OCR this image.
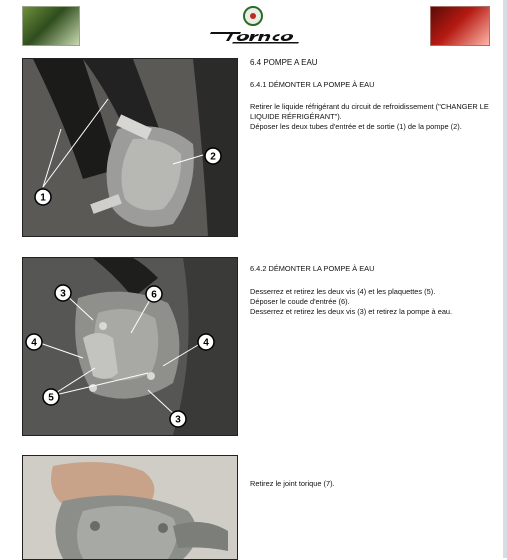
1
2
6.4 POMPE A EAU
6.4.1 DÉMONTER LA POMPE À EAU
Retirer le liquide réfrigérant du circuit de refroidissement ("CHANGER LE
LIQUIDE RÉFRIGÉRANT").
Déposer les deux tubes d'entrée et de sortie (1) de la pompe (2).
3	6
4	4
5
3
6.4.2 DÉMONTER LA POMPE À EAU
Desserrez et retirez les deux vis (4) et les plaquettes (5).
Déposer le coude d'entrée (6).
Desserrez et retirez les deux vis (3) et retirez la pompe à eau.
Retirez le joint torique (7).
